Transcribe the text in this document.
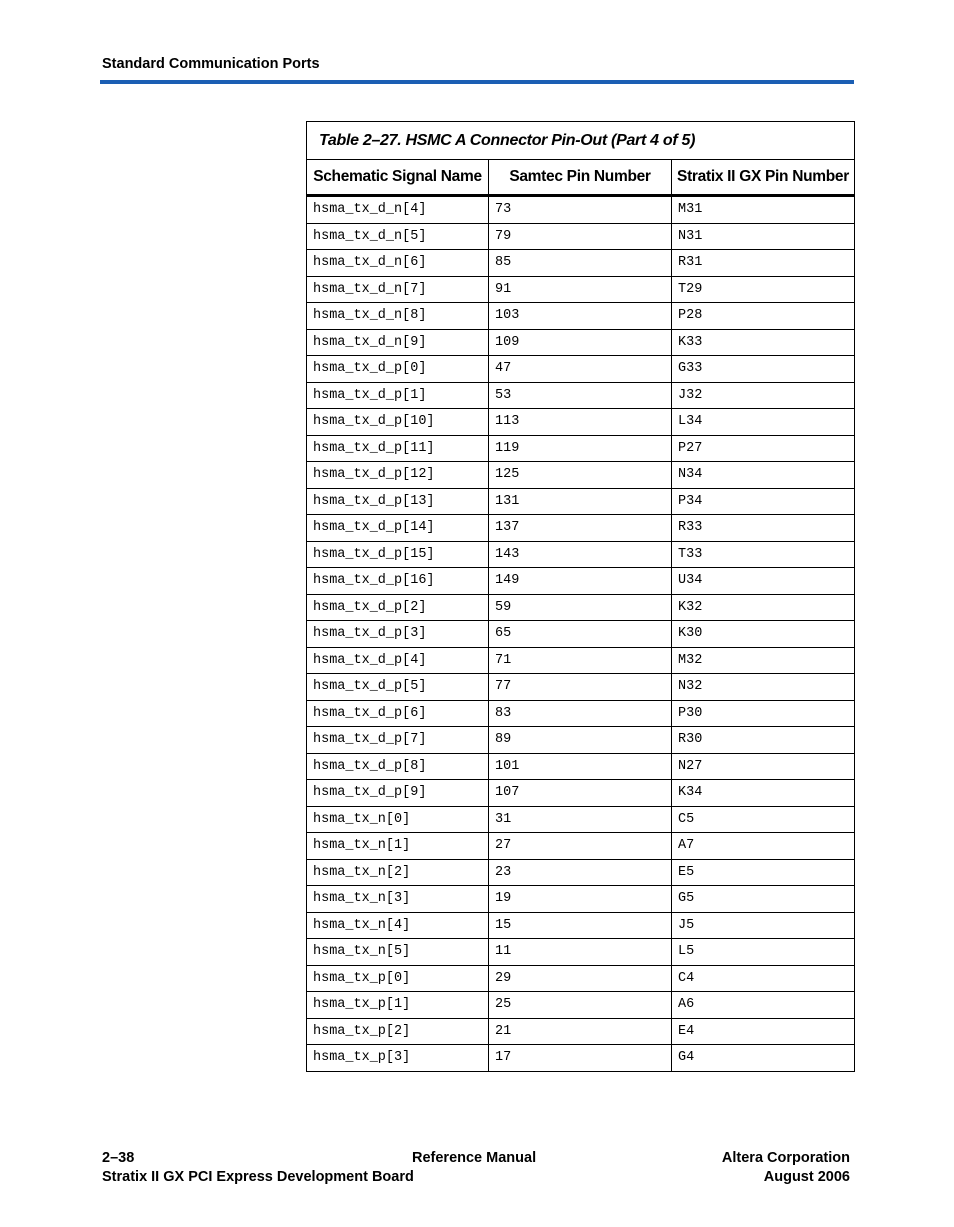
Standard Communication Ports
Table 2–27. HSMC A Connector Pin-Out (Part 4 of 5)		
Schematic Signal Name	Samtec Pin Number	Stratix II GX Pin Number
hsma_tx_d_n[4]	73	M31
hsma_tx_d_n[5]	79	N31
hsma_tx_d_n[6]	85	R31
hsma_tx_d_n[7]	91	T29
hsma_tx_d_n[8]	103	P28
hsma_tx_d_n[9]	109	K33
hsma_tx_d_p[0]	47	G33
hsma_tx_d_p[1]	53	J32
hsma_tx_d_p[10]	113	L34
hsma_tx_d_p[11]	119	P27
hsma_tx_d_p[12]	125	N34
hsma_tx_d_p[13]	131	P34
hsma_tx_d_p[14]	137	R33
hsma_tx_d_p[15]	143	T33
hsma_tx_d_p[16]	149	U34
hsma_tx_d_p[2]	59	K32
hsma_tx_d_p[3]	65	K30
hsma_tx_d_p[4]	71	M32
hsma_tx_d_p[5]	77	N32
hsma_tx_d_p[6]	83	P30
hsma_tx_d_p[7]	89	R30
hsma_tx_d_p[8]	101	N27
hsma_tx_d_p[9]	107	K34
hsma_tx_n[0]	31	C5
hsma_tx_n[1]	27	A7
hsma_tx_n[2]	23	E5
hsma_tx_n[3]	19	G5
hsma_tx_n[4]	15	J5
hsma_tx_n[5]	11	L5
hsma_tx_p[0]	29	C4
hsma_tx_p[1]	25	A6
hsma_tx_p[2]	21	E4
hsma_tx_p[3]	17	G4
2–38	Reference Manual	Altera Corporation
Stratix II GX PCI Express Development Board	August 2006
